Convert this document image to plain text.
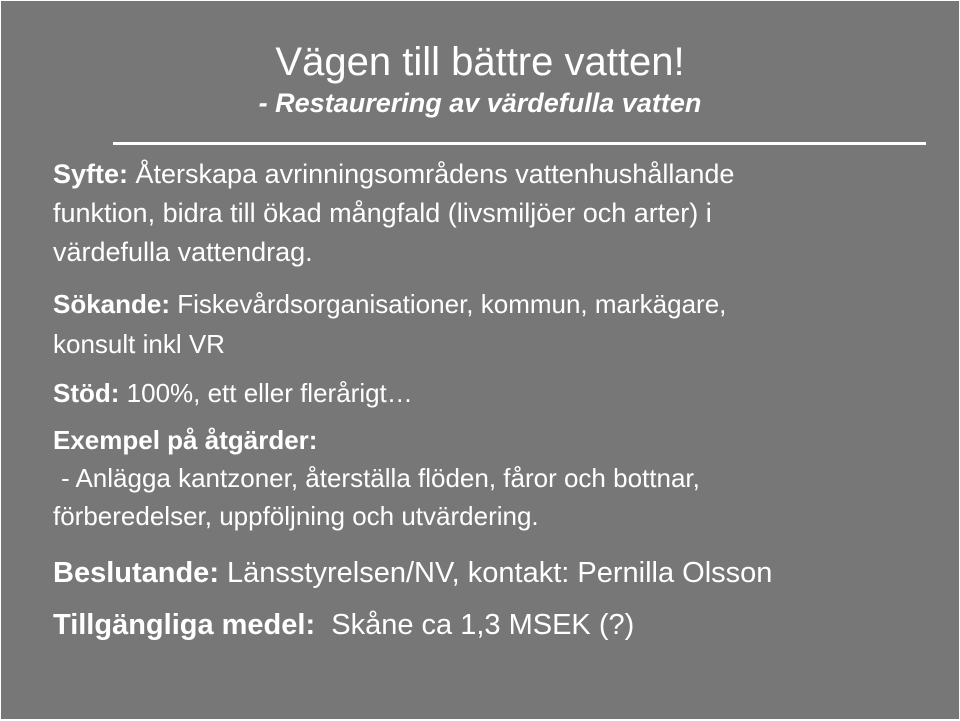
Vägen till bättre vatten!
- Restaurering av värdefulla vatten
Syfte: Återskapa avrinningsområdens vattenhushållande
funktion, bidra till ökad mångfald (livsmiljöer och arter) i
värdefulla vattendrag.
Sökande: Fiskevårdsorganisationer, kommun, markägare,
konsult inkl VR
Stöd: 100%, ett eller flerårigt…
Exempel på åtgärder:
- Anlägga kantzoner, återställa flöden, fåror och bottnar,
förberedelser, uppföljning och utvärdering.
Beslutande: Länsstyrelsen/NV, kontakt: Pernilla Olsson
Tillgängliga medel:  Skåne ca 1,3 MSEK (?)
